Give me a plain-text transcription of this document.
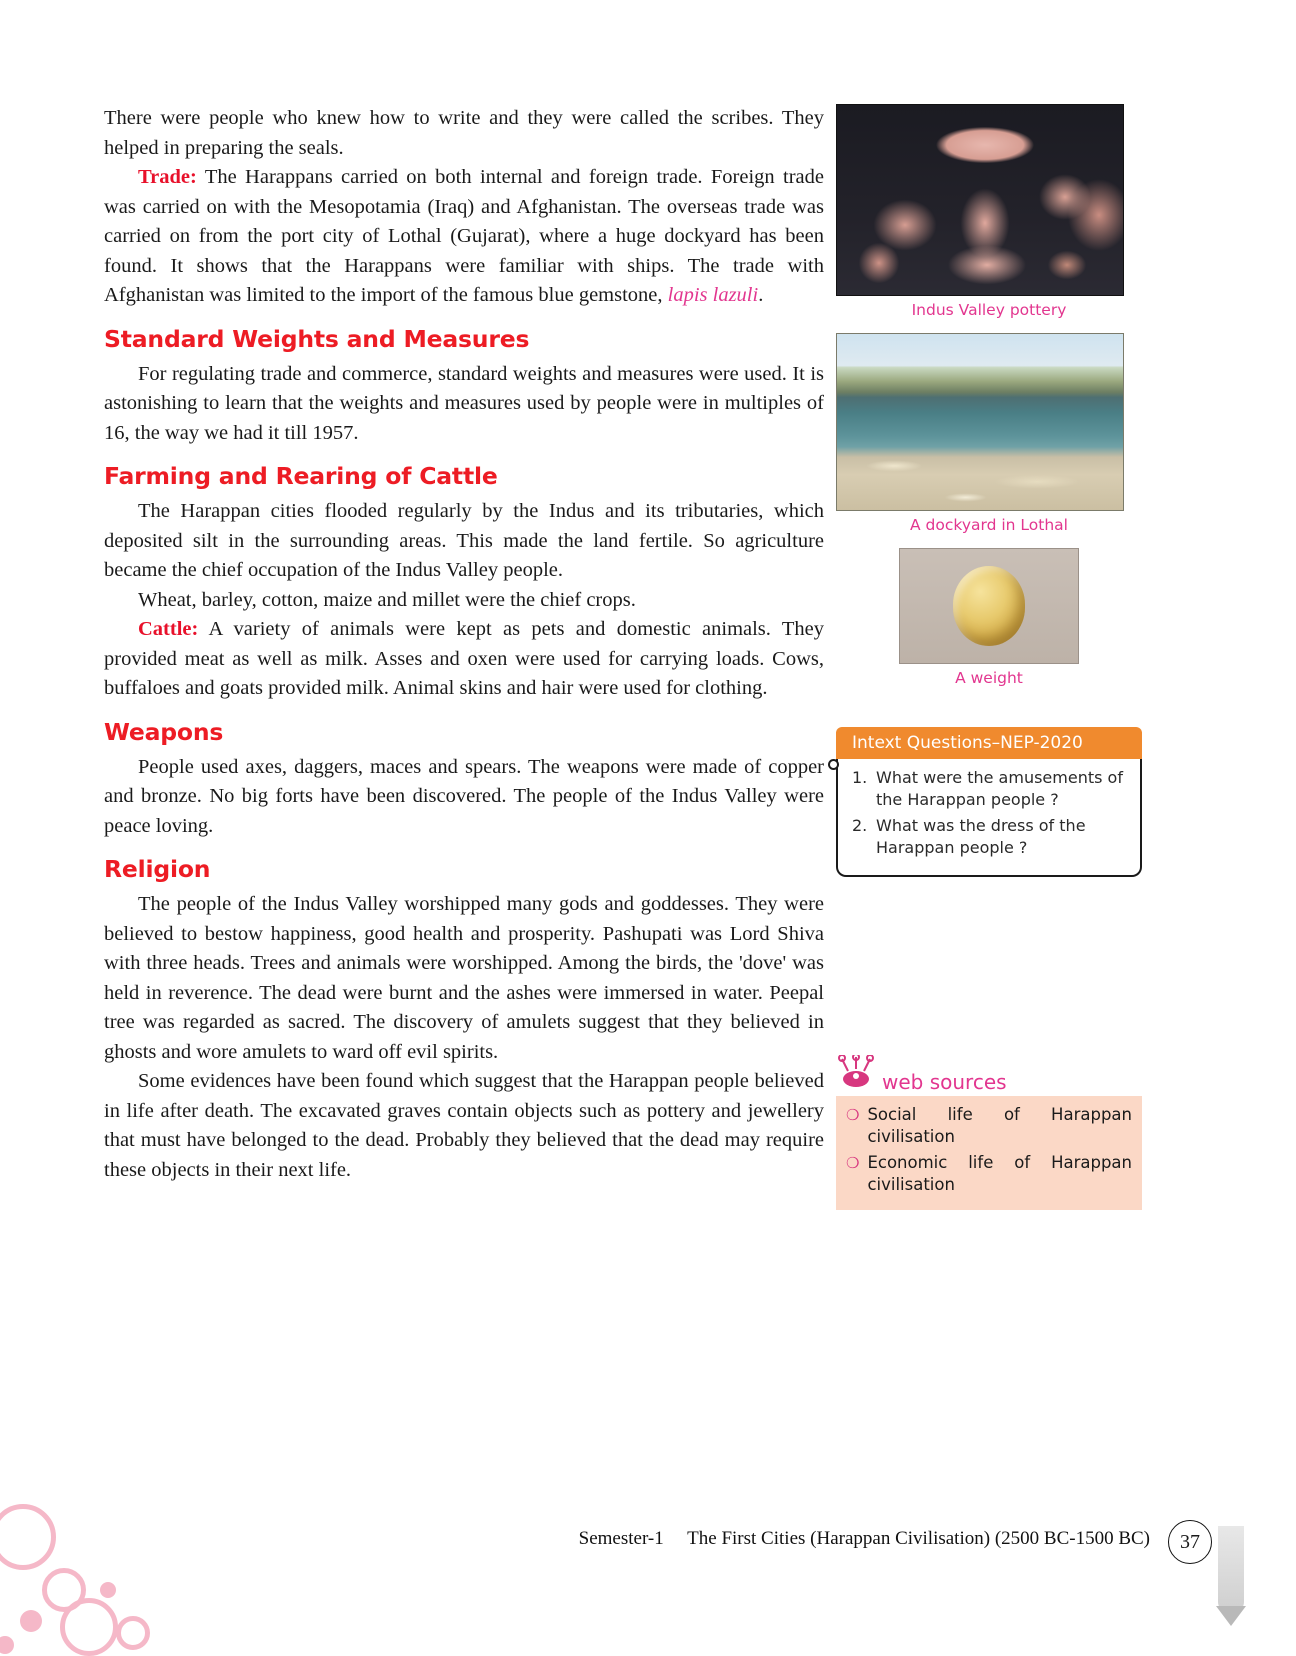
There were people who knew how to write and they were called the scribes. They helped in preparing the seals.

Trade: The Harappans carried on both internal and foreign trade. Foreign trade was carried on with the Mesopotamia (Iraq) and Afghanistan. The overseas trade was carried on from the port city of Lothal (Gujarat), where a huge dockyard has been found. It shows that the Harappans were familiar with ships. The trade with Afghanistan was limited to the import of the famous blue gemstone, lapis lazuli.

Standard Weights and Measures

For regulating trade and commerce, standard weights and measures were used. It is astonishing to learn that the weights and measures used by people were in multiples of 16, the way we had it till 1957.

Farming and Rearing of Cattle

The Harappan cities flooded regularly by the Indus and its tributaries, which deposited silt in the surrounding areas. This made the land fertile. So agriculture became the chief occupation of the Indus Valley people.

Wheat, barley, cotton, maize and millet were the chief crops.

Cattle: A variety of animals were kept as pets and domestic animals. They provided meat as well as milk. Asses and oxen were used for carrying loads. Cows, buffaloes and goats provided milk. Animal skins and hair were used for clothing.

Weapons

People used axes, daggers, maces and spears. The weapons were made of copper and bronze. No big forts have been discovered. The people of the Indus Valley were peace loving.

Religion

The people of the Indus Valley worshipped many gods and goddesses. They were believed to bestow happiness, good health and prosperity. Pashupati was Lord Shiva with three heads. Trees and animals were worshipped. Among the birds, the 'dove' was held in reverence. The dead were burnt and the ashes were immersed in water. Peepal tree was regarded as sacred. The discovery of amulets suggest that they believed in ghosts and wore amulets to ward off evil spirits.

Some evidences have been found which suggest that the Harappan people believed in life after death. The excavated graves contain objects such as pottery and jewellery that must have belonged to the dead. Probably they believed that the dead may require these objects in their next life.

Indus Valley pottery
A dockyard in Lothal
A weight
Intext Questions–NEP-2020
1. What were the amusements of the Harappan people ?
2. What was the dress of the Harappan people ?
web sources
❍ Social life of Harappan civilisation
❍ Economic life of Harappan civilisation
Semester-1 The First Cities (Harappan Civilisation) (2500 BC-1500 BC)	37
